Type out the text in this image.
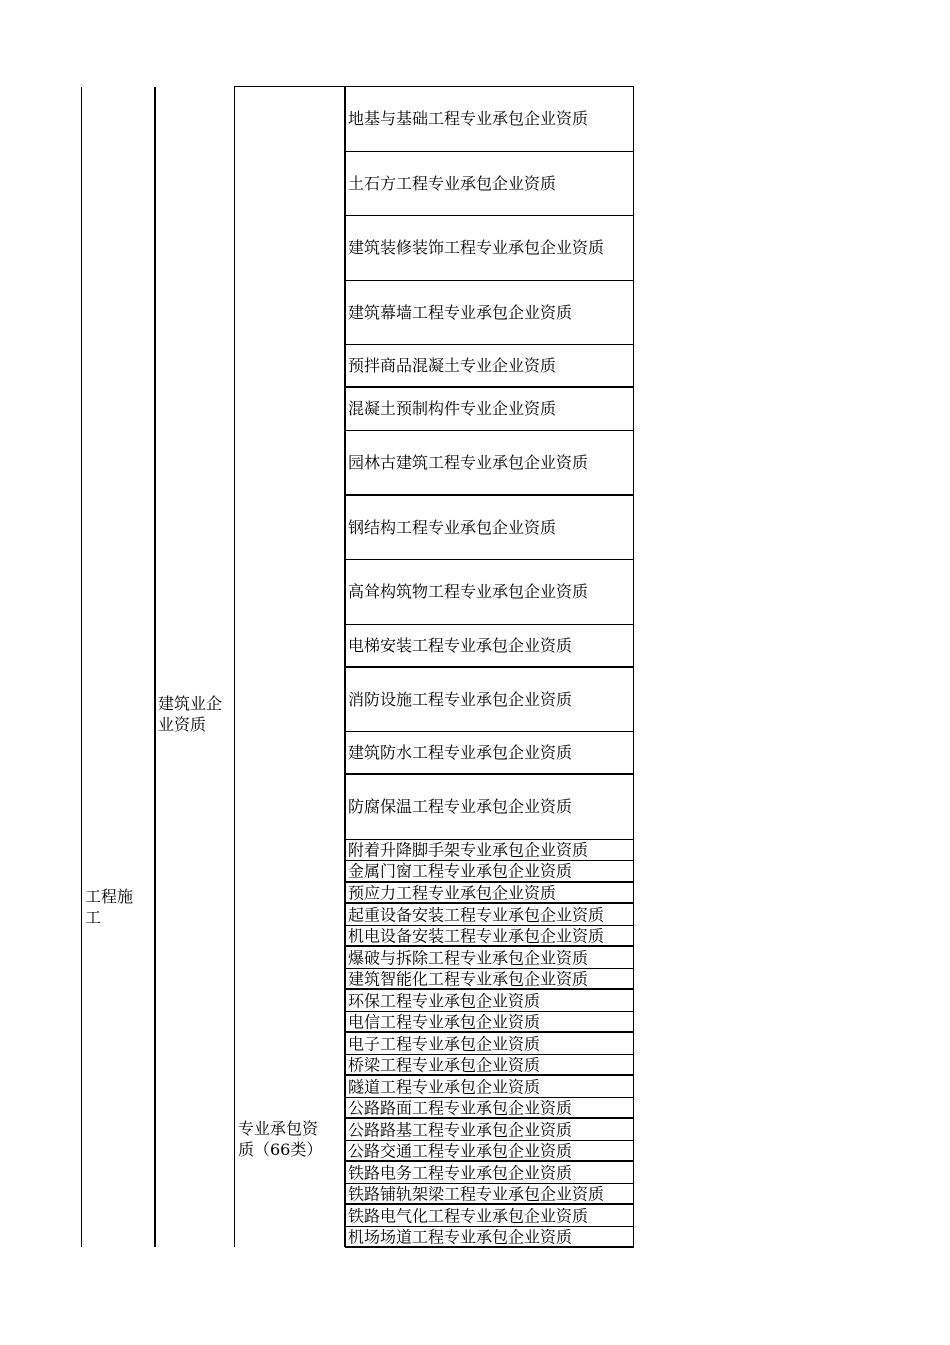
工程施
工
建筑业企
业资质
专业承包资
质（66类）
地基与基础工程专业承包企业资质
土石方工程专业承包企业资质
建筑装修装饰工程专业承包企业资质
建筑幕墙工程专业承包企业资质
预拌商品混凝土专业企业资质
混凝土预制构件专业企业资质
园林古建筑工程专业承包企业资质
钢结构工程专业承包企业资质
高耸构筑物工程专业承包企业资质
电梯安装工程专业承包企业资质
消防设施工程专业承包企业资质
建筑防水工程专业承包企业资质
防腐保温工程专业承包企业资质
附着升降脚手架专业承包企业资质
金属门窗工程专业承包企业资质
预应力工程专业承包企业资质
起重设备安装工程专业承包企业资质
机电设备安装工程专业承包企业资质
爆破与拆除工程专业承包企业资质
建筑智能化工程专业承包企业资质
环保工程专业承包企业资质
电信工程专业承包企业资质
电子工程专业承包企业资质
桥梁工程专业承包企业资质
隧道工程专业承包企业资质
公路路面工程专业承包企业资质
公路路基工程专业承包企业资质
公路交通工程专业承包企业资质
铁路电务工程专业承包企业资质
铁路铺轨架梁工程专业承包企业资质
铁路电气化工程专业承包企业资质
机场场道工程专业承包企业资质
